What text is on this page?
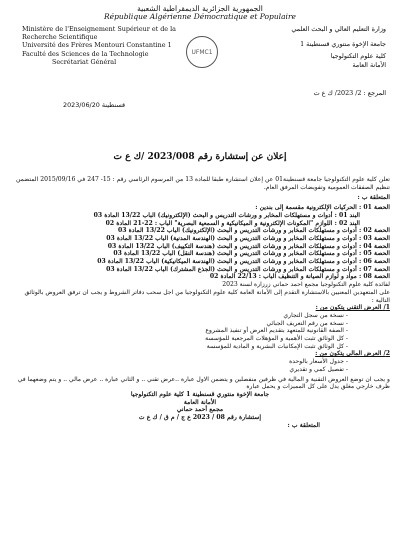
الجمهورية الجزائرية الديمقراطية الشعبية
République Algérienne Démocratique et Populaire
Ministère de l'Enseignement Supérieur et de la
Recherche Scientifique
Université des Frères Mentouri Constantine 1
Faculté des Sciences de la Technologie
Secrétariat Général
UFMC1
وزارة التعليم العالي و البحث العلمي
جامعة الإخوة منتوري قسنطينة 1
كلية علوم التكنولوجيا
الأمانة العامة
المرجع : 2/ 2023/ ك ع ت
قسنطينة 2023/06/20
إعلان عن إستشارة رقم 2023/008 /ك ع ت

تعلن كلية علوم التكنولوجيا جامعة قسنطينة01 عن إعلان استشارة طبقا للمادة 13 من المرسوم الرئاسي رقم : 15- 247 في 2015/09/16 المتضمن تنظيم الصفقات العمومية وتفويضات المرفق العام.

المتعلقة ب :

الحصة 01 : الحركيات الإلكترونية مقسمة إلى بندين :

البند 01 : أدوات و مستهلكات المخابر و ورشات التدريس و البحث (الإلكترونيك) الباب 13/22 المادة 03

البند 02 : اللوازم "المكونات الإلكترونية و الميكانيكية و السمعية البصرية" الباب : 22-21 المادة 02

الحصة 02 : أدوات و مستهلكات المخابر و ورشات التدريس و البحث (الإلكترونيك) الباب 13/22 المادة 03

الحصة 03 : أدوات و مستهلكات المخابر و ورشات التدريس و البحث (الهندسة المدنية) الباب 13/22 المادة 03

الحصة 04 : أدوات و مستهلكات المخابر و ورشات التدريس و البحث (هندسة التكييف) الباب 13/22 المادة 03

الحصة 05 : أدوات و مستهلكات المخابر و ورشات التدريس و البحث (هندسة النقل) الباب 13/22 المادة 03

الحصة 06 : أدوات و مستهلكات المخابر و ورشات التدريس و البحث (الهندسة الميكانيكية) الباب 13/22 المادة 03

الحصة 07 : أدوات و مستهلكات المخابر و ورشات التدريس و البحث (الجذع المشترك) الباب 13/22 المادة 03

الحصة 08 : مواد و لوازم الصيانة و التنظيف الباب : 22/13 المادة 02

لفائدة كلية علوم التكنولوجيا مجمع احمد حماني زرزارة لسنة 2023

على المتعهدين المعنيين بالاستشارة التقدم إلى الأمانة العامة كلية علوم التكنولوجيا من اجل سحب دفاتر الشروط و يجب ان ترفق العروض بالوثائق التالية :

1/ العرض التقني يتكون من :

- نسخة من سجل التجاري

- نسخة من رقم التعريف الجبائي

- الصفة القانونية للمتعهد بتقديم العرض أو تنفيذ المشروع

- كل الوثائق تثبت الأهمية و المؤهلات المرجعية للمؤسسة

- كل الوثائق تثبت الإمكانيات البشرية و المادية للمؤسسة

2/ العرض المالي يتكون من :

- جدول الأسعار بالوحدة

- تفصيل كمي و تقديري

و يجب ان توضع العروض التقنية و المالية في ظرفين منفصلين و يتضمن الاول عبارة ..عرض تقني .. و الثاني عبارة .. عرض مالي .. و يتم وضعهما في ظرف خارجي مغلق يدل على كل المميزات و يحمل عبارة

جامعة الإخوة منتوري قسنطينة 1 كلية علوم التكنولوجيا

الأمانة العامة

مجمع أحمد حماني

إستشارة رقم 08 / 2023 ع ج / م ق / ك ع ت

المتعلقة ب :
